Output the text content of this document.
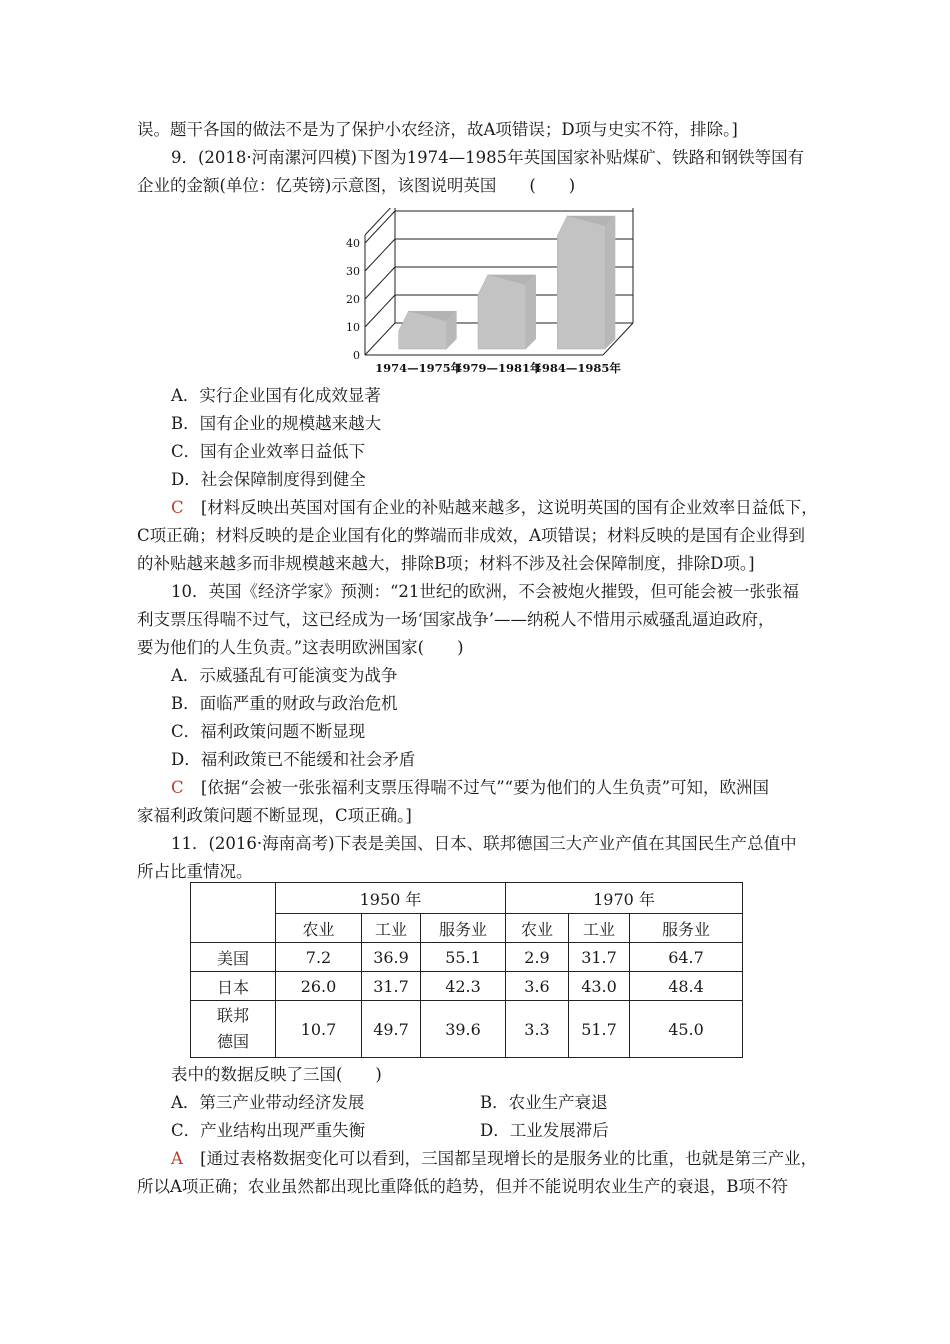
误。题干各国的做法不是为了保护小农经济，故A项错误；D项与史实不符，排除。]
9．(2018·河南漯河四模)下图为1974—1985年英国国家补贴煤矿、铁路和钢铁等国有
企业的金额(单位：亿英镑)示意图，该图说明英国　　(　　)
0
10
20
30
40
1974—1975年
1979—1981年
1984—1985年
A．实行企业国有化成效显著
B．国有企业的规模越来越大
C．国有企业效率日益低下
D．社会保障制度得到健全
C [材料反映出英国对国有企业的补贴越来越多，这说明英国的国有企业效率日益低下，
C项正确；材料反映的是企业国有化的弊端而非成效，A项错误；材料反映的是国有企业得到
的补贴越来越多而非规模越来越大，排除B项；材料不涉及社会保障制度，排除D项。]
10．英国《经济学家》预测：“21世纪的欧洲，不会被炮火摧毁，但可能会被一张张福
利支票压得喘不过气，这已经成为一场‘国家战争’——纳税人不惜用示威骚乱逼迫政府，
要为他们的人生负责。”这表明欧洲国家(　　)
A．示威骚乱有可能演变为战争
B．面临严重的财政与政治危机
C．福利政策问题不断显现
D．福利政策已不能缓和社会矛盾
C [依据“会被一张张福利支票压得喘不过气”“要为他们的人生负责”可知，欧洲国
家福利政策问题不断显现，C项正确。]
11．(2016·海南高考)下表是美国、日本、联邦德国三大产业产值在其国民生产总值中
所占比重情况。
	1950 年			1970 年		
	农业	工业	服务业	农业	工业	服务业
美国	7.2	36.9	55.1	2.9	31.7	64.7
日本	26.0	31.7	42.3	3.6	43.0	48.4

联邦
德国	10.7	49.7	39.6	3.3	51.7	45.0
表中的数据反映了三国(　　)
A．第三产业带动经济发展	B．农业生产衰退
C．产业结构出现严重失衡	D．工业发展滞后
A [通过表格数据变化可以看到，三国都呈现增长的是服务业的比重，也就是第三产业，
所以A项正确；农业虽然都出现比重降低的趋势，但并不能说明农业生产的衰退，B项不符
